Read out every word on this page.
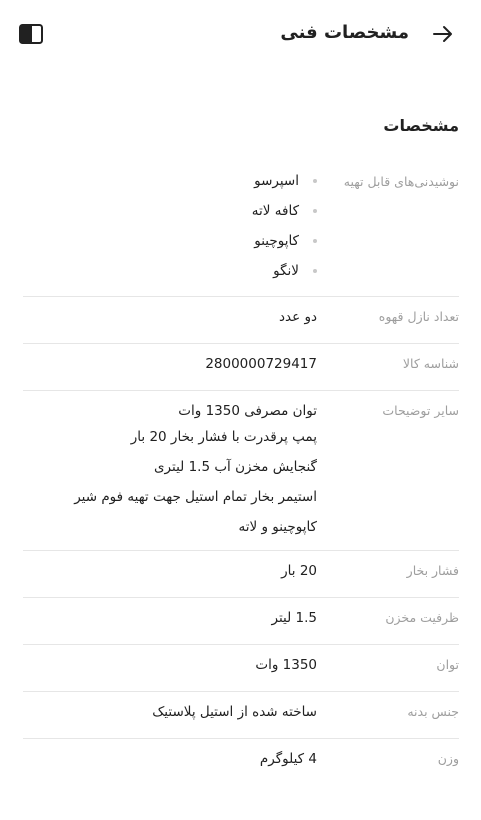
مشخصات فنی
مشخصات
نوشیدنی‌های قابل تهیه
اسپرسو
کافه لاته
کاپوچینو
لانگو
تعداد نازل قهوه
دو عدد
شناسه کالا
2800000729417
سایر توضیحات
توان مصرفی 1350 وات
پمپ پرقدرت با فشار بخار 20 بار
گنجایش مخزن آب 1.5 لیتری
استیمر بخار تمام استیل جهت تهیه فوم شیر
کاپوچینو و لاته
فشار بخار
20 بار
ظرفیت مخزن
1.5 لیتر
توان
1350 وات
جنس بدنه
ساخته شده از استیل پلاستیک
وزن
4 کیلوگرم
